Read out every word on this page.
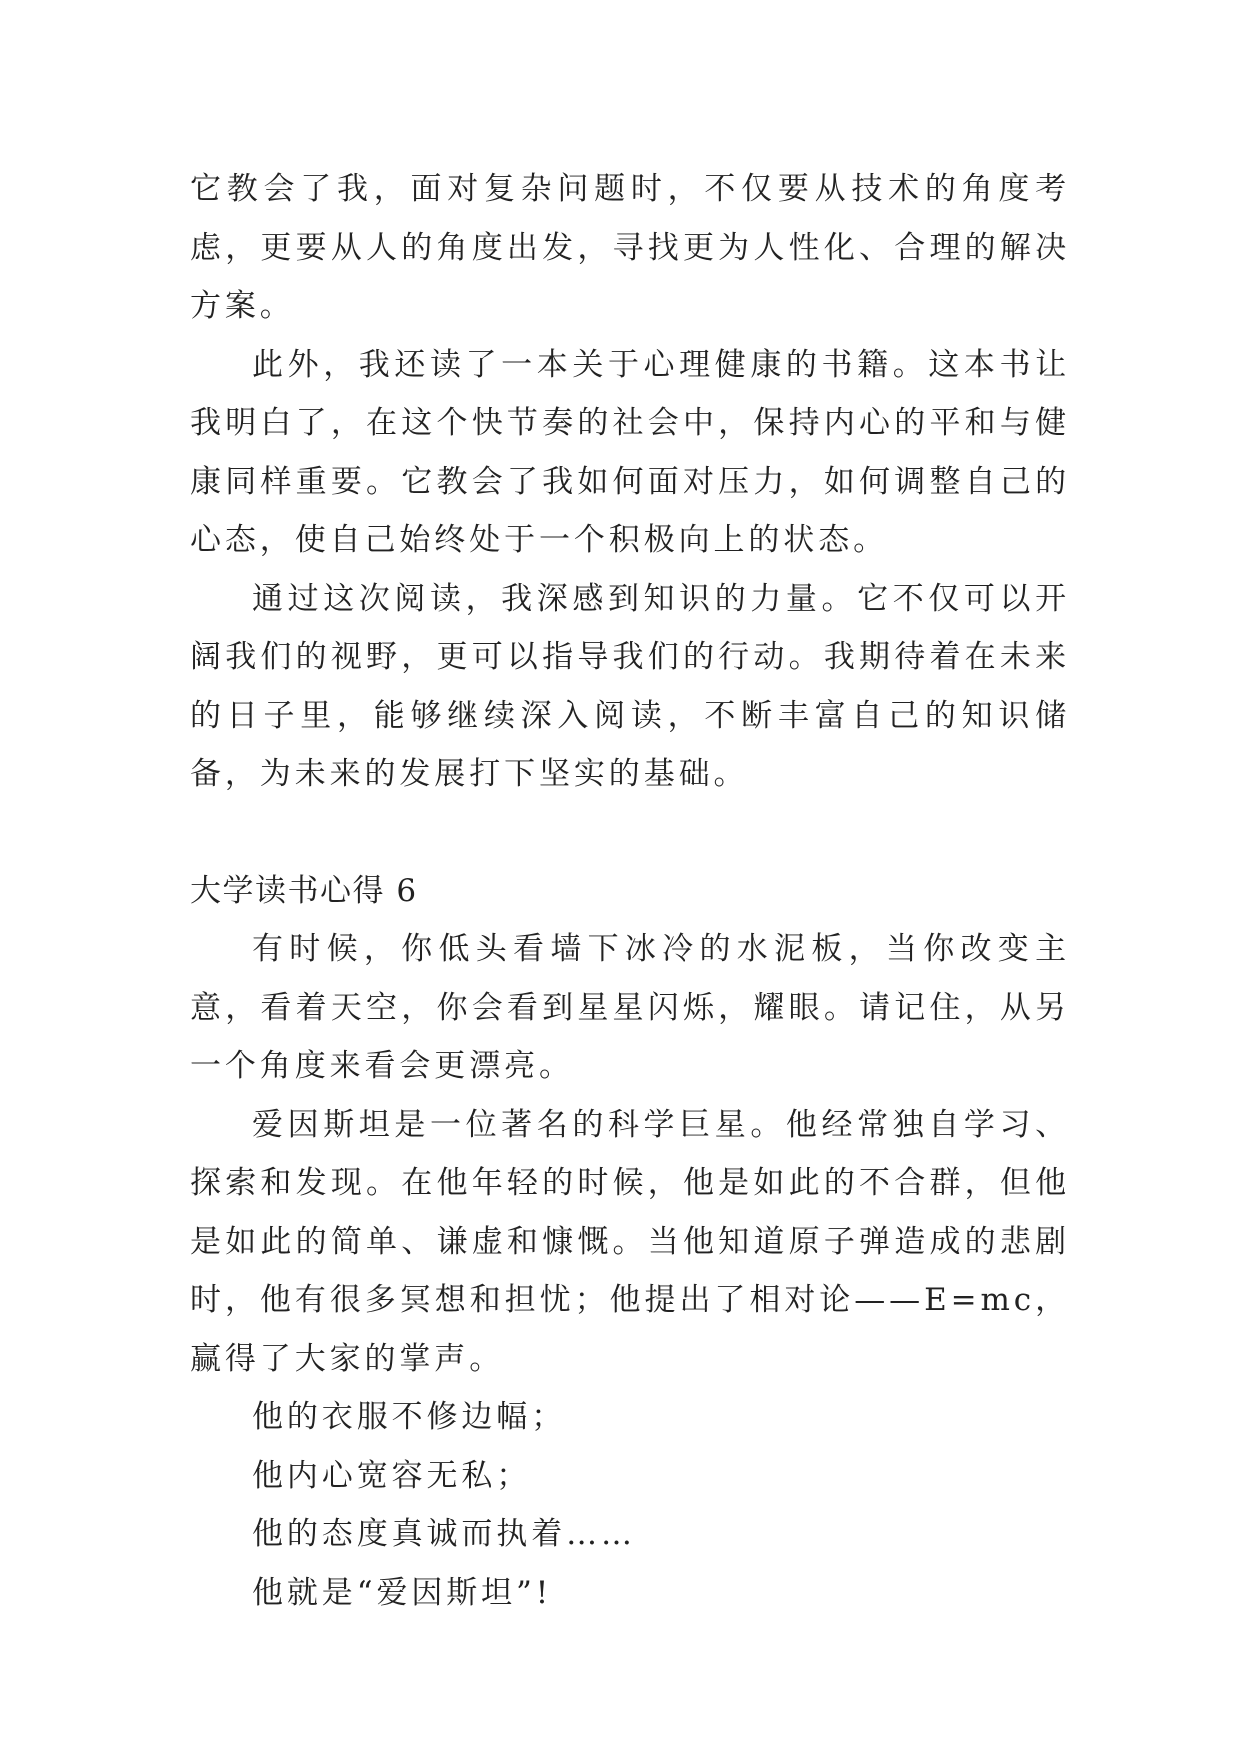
它教会了我，面对复杂问题时，不仅要从技术的角度考虑，更要从人的角度出发，寻找更为人性化、合理的解决方案。

此外，我还读了一本关于心理健康的书籍。这本书让我明白了，在这个快节奏的社会中，保持内心的平和与健康同样重要。它教会了我如何面对压力，如何调整自己的心态，使自己始终处于一个积极向上的状态。

通过这次阅读，我深感到知识的力量。它不仅可以开阔我们的视野，更可以指导我们的行动。我期待着在未来的日子里，能够继续深入阅读，不断丰富自己的知识储备，为未来的发展打下坚实的基础。

大学读书心得 6

有时候，你低头看墙下冰冷的水泥板，当你改变主意，看着天空，你会看到星星闪烁，耀眼。请记住，从另一个角度来看会更漂亮。

爱因斯坦是一位著名的科学巨星。他经常独自学习、探索和发现。在他年轻的时候，他是如此的不合群，但他是如此的简单、谦虚和慷慨。当他知道原子弹造成的悲剧时，他有很多冥想和担忧；他提出了相对论——E=mc，赢得了大家的掌声。

他的衣服不修边幅；

他内心宽容无私；

他的态度真诚而执着……

他就是“爱因斯坦”!
